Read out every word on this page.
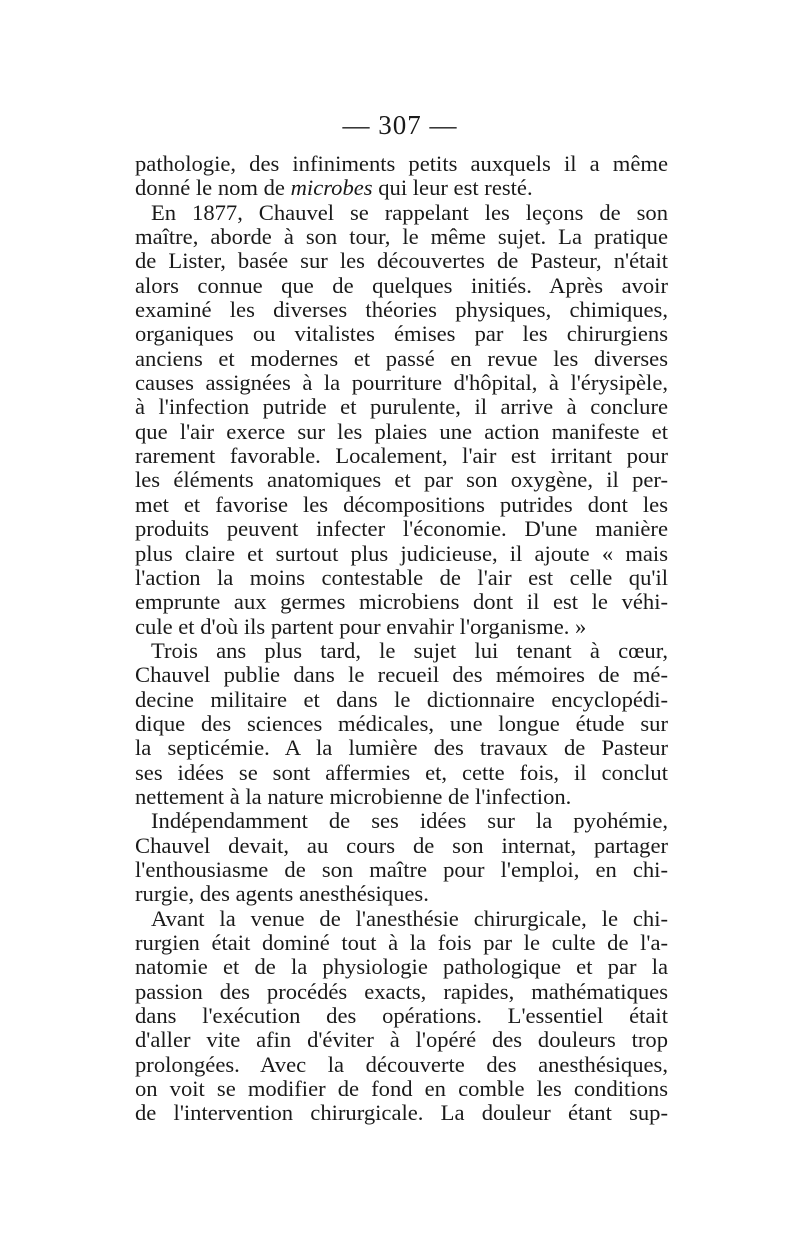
— 307 —
pathologie, des infiniments petits auxquels il a même
donné le nom de microbes qui leur est resté.
En 1877, Chauvel se rappelant les leçons de son
maître, aborde à son tour, le même sujet. La pratique
de Lister, basée sur les découvertes de Pasteur, n'était
alors connue que de quelques initiés. Après avoir
examiné les diverses théories physiques, chimiques,
organiques ou vitalistes émises par les chirurgiens
anciens et modernes et passé en revue les diverses
causes assignées à la pourriture d'hôpital, à l'érysipèle,
à l'infection putride et purulente, il arrive à conclure
que l'air exerce sur les plaies une action manifeste et
rarement favorable. Localement, l'air est irritant pour
les éléments anatomiques et par son oxygène, il per-
met et favorise les décompositions putrides dont les
produits peuvent infecter l'économie. D'une manière
plus claire et surtout plus judicieuse, il ajoute « mais
l'action la moins contestable de l'air est celle qu'il
emprunte aux germes microbiens dont il est le véhi-
cule et d'où ils partent pour envahir l'organisme. »
Trois ans plus tard, le sujet lui tenant à cœur,
Chauvel publie dans le recueil des mémoires de mé-
decine militaire et dans le dictionnaire encyclopédi-
dique des sciences médicales, une longue étude sur
la septicémie. A la lumière des travaux de Pasteur
ses idées se sont affermies et, cette fois, il conclut
nettement à la nature microbienne de l'infection.
Indépendamment de ses idées sur la pyohémie,
Chauvel devait, au cours de son internat, partager
l'enthousiasme de son maître pour l'emploi, en chi-
rurgie, des agents anesthésiques.
Avant la venue de l'anesthésie chirurgicale, le chi-
rurgien était dominé tout à la fois par le culte de l'a-
natomie et de la physiologie pathologique et par la
passion des procédés exacts, rapides, mathématiques
dans l'exécution des opérations. L'essentiel était
d'aller vite afin d'éviter à l'opéré des douleurs trop
prolongées. Avec la découverte des anesthésiques,
on voit se modifier de fond en comble les conditions
de l'intervention chirurgicale. La douleur étant sup-
